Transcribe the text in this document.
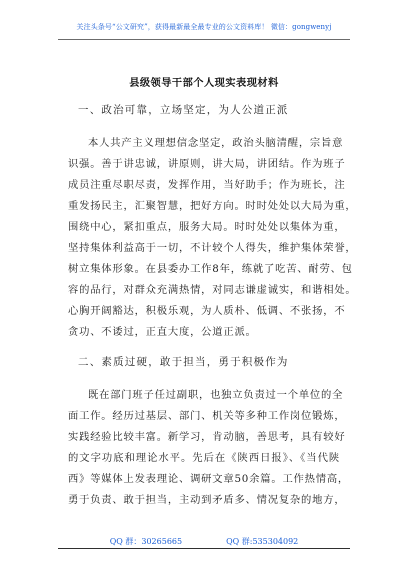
关注头条号“公文研究”，获得最新最全最专业的公文资料库！ 微信：gongwenyj
县级领导干部个人现实表现材料
一、政治可靠，立场坚定，为人公道正派
本人共产主义理想信念坚定，政治头脑清醒，宗旨意
识强。善于讲忠诚，讲原则，讲大局，讲团结。作为班子
成员注重尽职尽责，发挥作用，当好助手；作为班长，注
重发扬民主，汇聚智慧，把好方向。时时处处以大局为重，
围绕中心，紧扣重点，服务大局。时时处处以集体为重，
坚持集体利益高于一切，不计较个人得失，维护集体荣誉，
树立集体形象。在县委办工作8年，练就了吃苦、耐劳、包
容的品行，对群众充满热情，对同志谦虚诚实，和谐相处。
心胸开阔豁达，积极乐观，为人质朴、低调、不张扬，不
贪功、不诿过，正直大度，公道正派。
二、素质过硬，敢于担当，勇于积极作为
既在部门班子任过副职，也独立负责过一个单位的全
面工作。经历过基层、部门、机关等多种工作岗位锻炼，
实践经验比较丰富。新学习，肯动脑，善思考，具有较好
的文字功底和理论水平。先后在《陕西日报》、《当代陕
西》等媒体上发表理论、调研文章50余篇。工作热情高，
勇于负责、敢于担当，主动到矛盾多、情况复杂的地方，
QQ 群：30265665	QQ 群:535304092
